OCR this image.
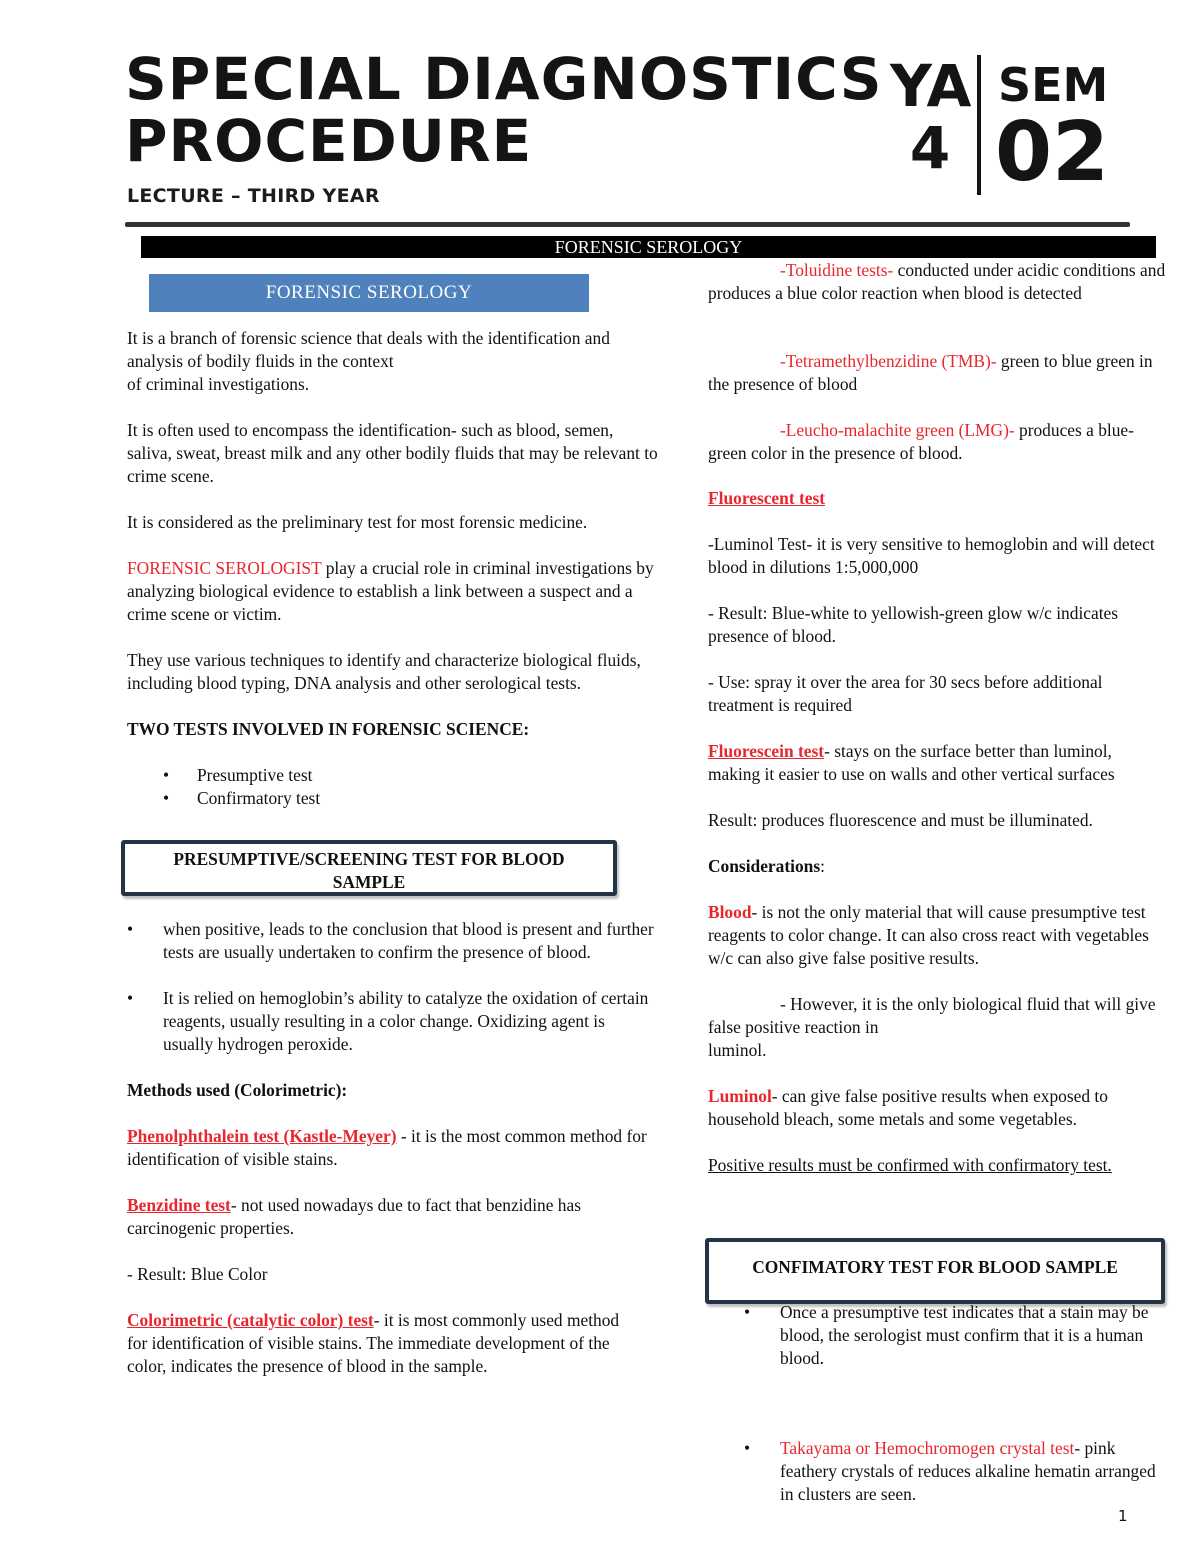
SPECIAL DIAGNOSTICS
PROCEDURE
LECTURE – THIRD YEAR
YA
4
SEM
02
FORENSIC SEROLOGY
FORENSIC SEROLOGY

It is a branch of forensic science that deals with the identification and analysis of bodily fluids in the context
of criminal investigations.

It is often used to encompass the identification- such as blood, semen, saliva, sweat, breast milk and any other bodily fluids that may be relevant to crime scene.

It is considered as the preliminary test for most forensic medicine.

FORENSIC SEROLOGIST play a crucial role in criminal investigations by analyzing biological evidence to establish a link between a suspect and a crime scene or victim.

They use various techniques to identify and characterize biological fluids, including blood typing, DNA analysis and other serological tests.

TWO TESTS INVOLVED IN FORENSIC SCIENCE:

• Presumptive test
• Confirmatory test
PRESUMPTIVE/SCREENING TEST FOR BLOOD SAMPLE
• when positive, leads to the conclusion that blood is present and further tests are usually undertaken to confirm the presence of blood.
• It is relied on hemoglobin’s ability to catalyze the oxidation of certain reagents, usually resulting in a color change. Oxidizing agent is usually hydrogen peroxide.

Methods used (Colorimetric):

Phenolphthalein test (Kastle-Meyer) - it is the most common method for identification of visible stains.

Benzidine test- not used nowadays due to fact that benzidine has carcinogenic properties.

- Result: Blue Color

Colorimetric (catalytic color) test- it is most commonly used method for identification of visible stains. The immediate development of the color, indicates the presence of blood in the sample.

-Toluidine tests- conducted under acidic conditions and produces a blue color reaction when blood is detected

-Tetramethylbenzidine (TMB)- green to blue green in the presence of blood

-Leucho-malachite green (LMG)- produces a blue-green color in the presence of blood.

Fluorescent test

-Luminol Test- it is very sensitive to hemoglobin and will detect blood in dilutions 1:5,000,000

- Result: Blue-white to yellowish-green glow w/c indicates presence of blood.

- Use: spray it over the area for 30 secs before additional treatment is required

Fluorescein test- stays on the surface better than luminol, making it easier to use on walls and other vertical surfaces

Result: produces fluorescence and must be illuminated.

Considerations:

Blood- is not the only material that will cause presumptive test reagents to color change. It can also cross react with vegetables w/c can also give false positive results.

- However, it is the only biological fluid that will give false positive reaction in
luminol.

Luminol- can give false positive results when exposed to household bleach, some metals and some vegetables.

Positive results must be confirmed with confirmatory test.

CONFIMATORY TEST FOR BLOOD SAMPLE
• Once a presumptive test indicates that a stain may be blood, the serologist must confirm that it is a human blood.
• Takayama or Hemochromogen crystal test- pink feathery crystals of reduces alkaline hematin arranged in clusters are seen.
1
